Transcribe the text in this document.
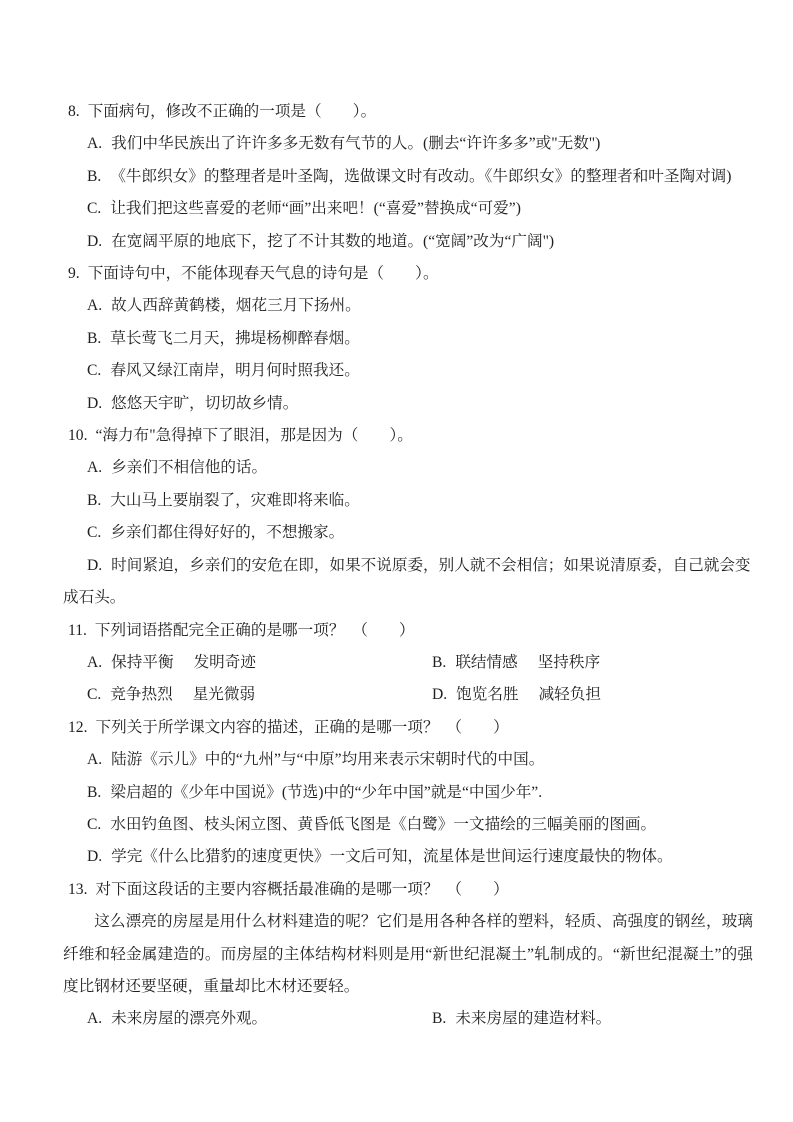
8. 下面病句，修改不正确的一项是（　　）。
A. 我们中华民族出了许许多多无数有气节的人。(删去“许许多多”或"无数")
B. 《牛郎织女》的整理者是叶圣陶，选做课文时有改动。《牛郎织女》的整理者和叶圣陶对调)
C. 让我们把这些喜爱的老师“画”出来吧！(“喜爱”替换成“可爱”)
D. 在宽阔平原的地底下，挖了不计其数的地道。(“宽阔”改为“广阔")
9. 下面诗句中，不能体现春天气息的诗句是（　　）。
A. 故人西辞黄鹤楼，烟花三月下扬州。
B. 草长莺飞二月天，拂堤杨柳醉春烟。
C. 春风又绿江南岸，明月何时照我还。
D. 悠悠天宇旷，切切故乡情。
10. “海力布"急得掉下了眼泪，那是因为（　　）。
A. 乡亲们不相信他的话。
B. 大山马上要崩裂了，灾难即将来临。
C. 乡亲们都住得好好的，不想搬家。
D. 时间紧迫，乡亲们的安危在即，如果不说原委，别人就不会相信；如果说清原委，自己就会变成石头。
11. 下列词语搭配完全正确的是哪一项？　（　　）
A. 保持平衡 发明奇迹	B. 联结情感 坚持秩序
C. 竞争热烈 星光微弱	D. 饱览名胜 减轻负担
12. 下列关于所学课文内容的描述，正确的是哪一项？　（　　）
A. 陆游《示儿》中的“九州”与“中原”均用来表示宋朝时代的中国。
B. 梁启超的《少年中国说》(节选)中的“少年中国”就是“中国少年”.
C. 水田钓鱼图、枝头闲立图、黄昏低飞图是《白鹭》一文描绘的三幅美丽的图画。
D. 学完《什么比猎豹的速度更快》一文后可知，流星体是世间运行速度最快的物体。
13. 对下面这段话的主要内容概括最准确的是哪一项？　（　　）
这么漂亮的房屋是用什么材料建造的呢？它们是用各种各样的塑料，轻质、高强度的钢丝，玻璃纤维和轻金属建造的。而房屋的主体结构材料则是用“新世纪混凝土”轧制成的。“新世纪混凝土”的强度比钢材还要坚硬，重量却比木材还要轻。
A. 未来房屋的漂亮外观。	B. 未来房屋的建造材料。
